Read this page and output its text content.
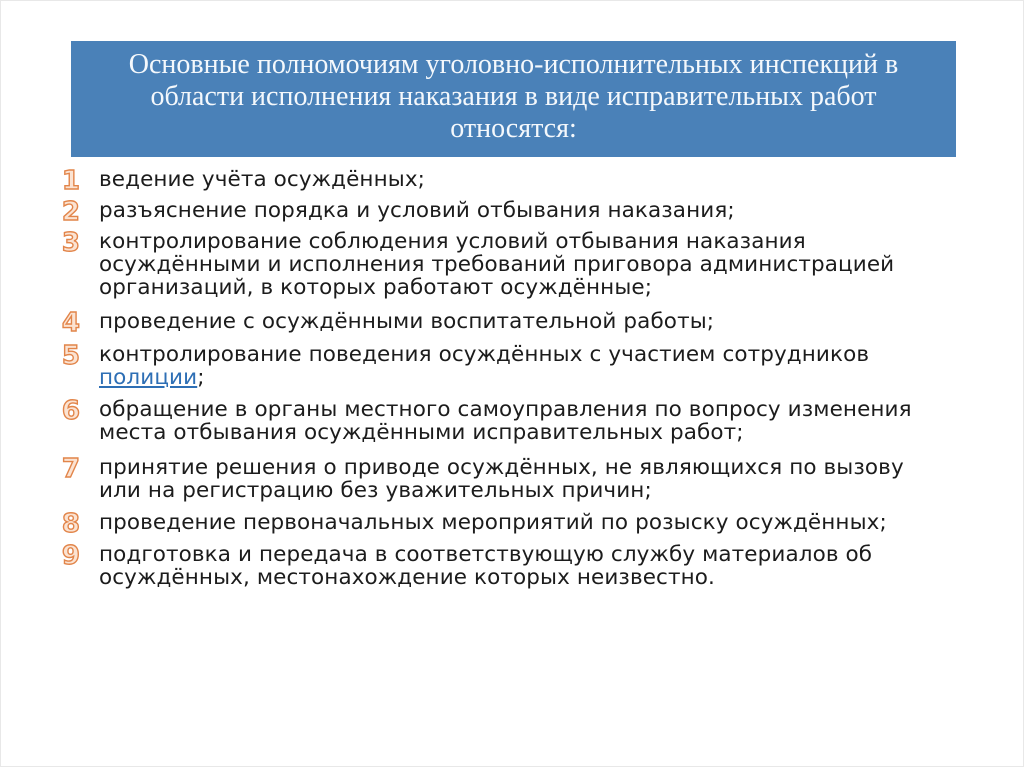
Основные полномочиям уголовно-исполнительных инспекций в области исполнения наказания в виде исправительных работ относятся:

1 ведение учёта осуждённых;
2 разъяснение порядка и условий отбывания наказания;
3 контролирование соблюдения условий отбывания наказания осуждёнными и исполнения требований приговора администрацией организаций, в которых работают осуждённые;
4 проведение с осуждёнными воспитательной работы;
5 контролирование поведения осуждённых с участием сотрудников полиции;
6 обращение в органы местного самоуправления по вопросу изменения места отбывания осуждёнными исправительных работ;
7 принятие решения о приводе осуждённых, не являющихся по вызову или на регистрацию без уважительных причин;
8 проведение первоначальных мероприятий по розыску осуждённых;
9 подготовка и передача в соответствующую службу материалов об осуждённых, местонахождение которых неизвестно.
